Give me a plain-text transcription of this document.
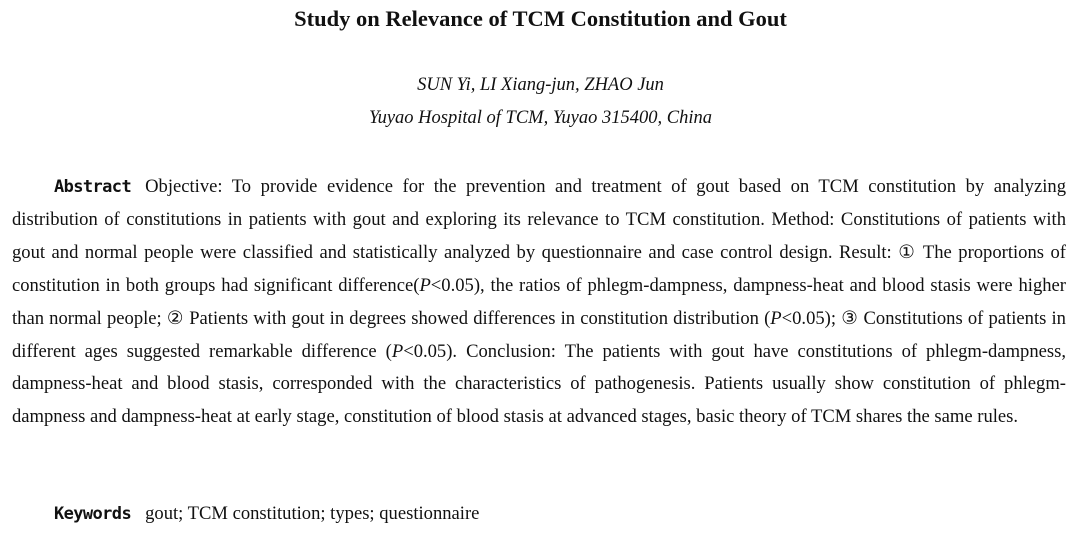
Study on Relevance of TCM Constitution and Gout
SUN Yi, LI Xiang-jun, ZHAO Jun
Yuyao Hospital of TCM, Yuyao 315400, China

Abstract Objective: To provide evidence for the prevention and treatment of gout based on TCM constitution by analyzing distribution of constitutions in patients with gout and exploring its relevance to TCM constitution. Method: Constitutions of patients with gout and normal people were classified and statistically analyzed by questionnaire and case control design. Result: ① The proportions of constitution in both groups had significant difference(P<0.05), the ratios of phlegm-dampness, dampness-heat and blood stasis were higher than normal people; ② Patients with gout in degrees showed differences in constitution distribution (P<0.05); ③ Constitutions of patients in different ages suggested remarkable difference (P<0.05). Conclusion: The patients with gout have constitutions of phlegm-dampness, dampness-heat and blood stasis, corresponded with the characteristics of pathogenesis. Patients usually show constitution of phlegm-dampness and dampness-heat at early stage, constitution of blood stasis at advanced stages, basic theory of TCM shares the same rules.

Keywords gout; TCM constitution; types; questionnaire
